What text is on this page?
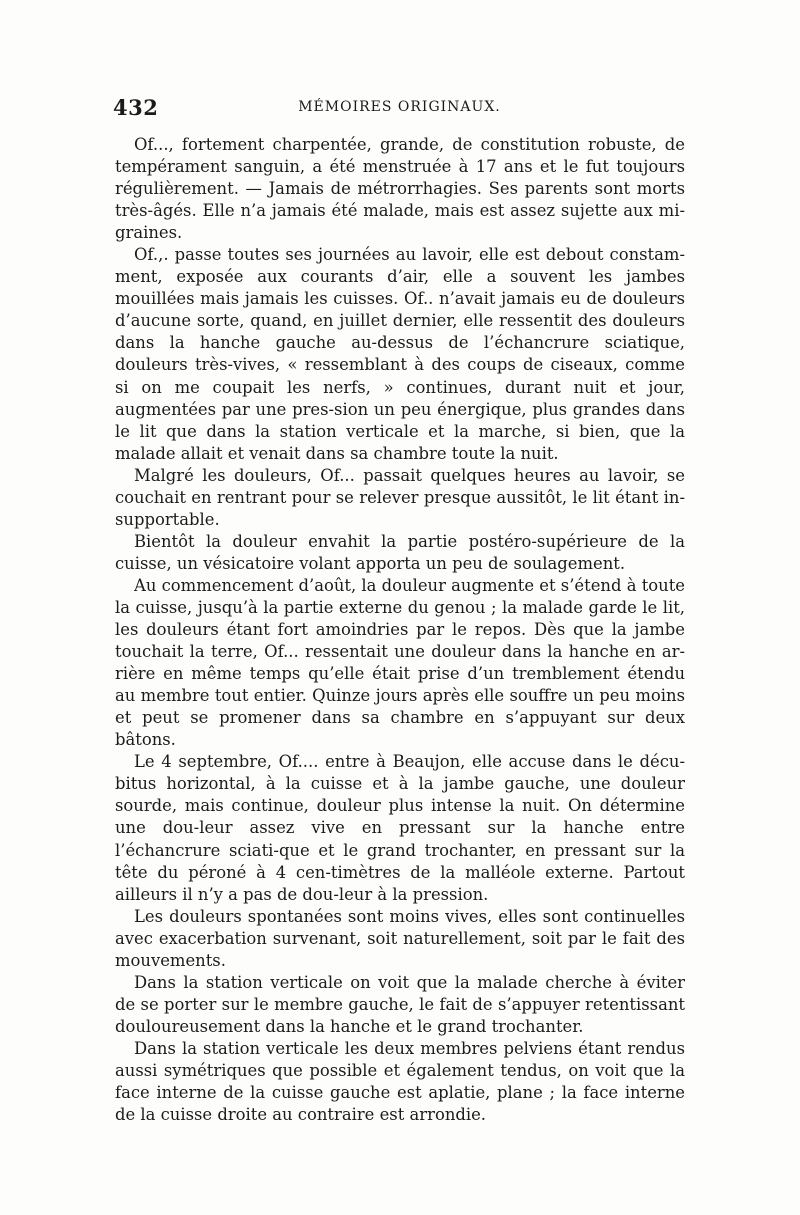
432	MÉMOIRES ORIGINAUX.

Of..., fortement charpentée, grande, de constitution robuste, de tempérament sanguin, a été menstruée à 17 ans et le fut toujours régulièrement. — Jamais de métrorrhagies. Ses parents sont morts très-âgés. Elle n’a jamais été malade, mais est assez sujette aux mi-graines.

Of.,. passe toutes ses journées au lavoir, elle est debout constam-ment, exposée aux courants d’air, elle a souvent les jambes mouillées mais jamais les cuisses. Of.. n’avait jamais eu de douleurs d’aucune sorte, quand, en juillet dernier, elle ressentit des douleurs dans la hanche gauche au-dessus de l’échancrure sciatique, douleurs très-vives, « ressemblant à des coups de ciseaux, comme si on me coupait les nerfs, » continues, durant nuit et jour, augmentées par une pres-sion un peu énergique, plus grandes dans le lit que dans la station verticale et la marche, si bien, que la malade allait et venait dans sa chambre toute la nuit.

Malgré les douleurs, Of... passait quelques heures au lavoir, se couchait en rentrant pour se relever presque aussitôt, le lit étant in-supportable.

Bientôt la douleur envahit la partie postéro-supérieure de la cuisse, un vésicatoire volant apporta un peu de soulagement.

Au commencement d’août, la douleur augmente et s’étend à toute la cuisse, jusqu’à la partie externe du genou ; la malade garde le lit, les douleurs étant fort amoindries par le repos. Dès que la jambe touchait la terre, Of... ressentait une douleur dans la hanche en ar-rière en même temps qu’elle était prise d’un tremblement étendu au membre tout entier. Quinze jours après elle souffre un peu moins et peut se promener dans sa chambre en s’appuyant sur deux bâtons.

Le 4 septembre, Of.... entre à Beaujon, elle accuse dans le décu-bitus horizontal, à la cuisse et à la jambe gauche, une douleur sourde, mais continue, douleur plus intense la nuit. On détermine une dou-leur assez vive en pressant sur la hanche entre l’échancrure sciati-que et le grand trochanter, en pressant sur la tête du péroné à 4 cen-timètres de la malléole externe. Partout ailleurs il n’y a pas de dou-leur à la pression.

Les douleurs spontanées sont moins vives, elles sont continuelles avec exacerbation survenant, soit naturellement, soit par le fait des mouvements.

Dans la station verticale on voit que la malade cherche à éviter de se porter sur le membre gauche, le fait de s’appuyer retentissant douloureusement dans la hanche et le grand trochanter.

Dans la station verticale les deux membres pelviens étant rendus aussi symétriques que possible et également tendus, on voit que la face interne de la cuisse gauche est aplatie, plane ; la face interne de la cuisse droite au contraire est arrondie.
